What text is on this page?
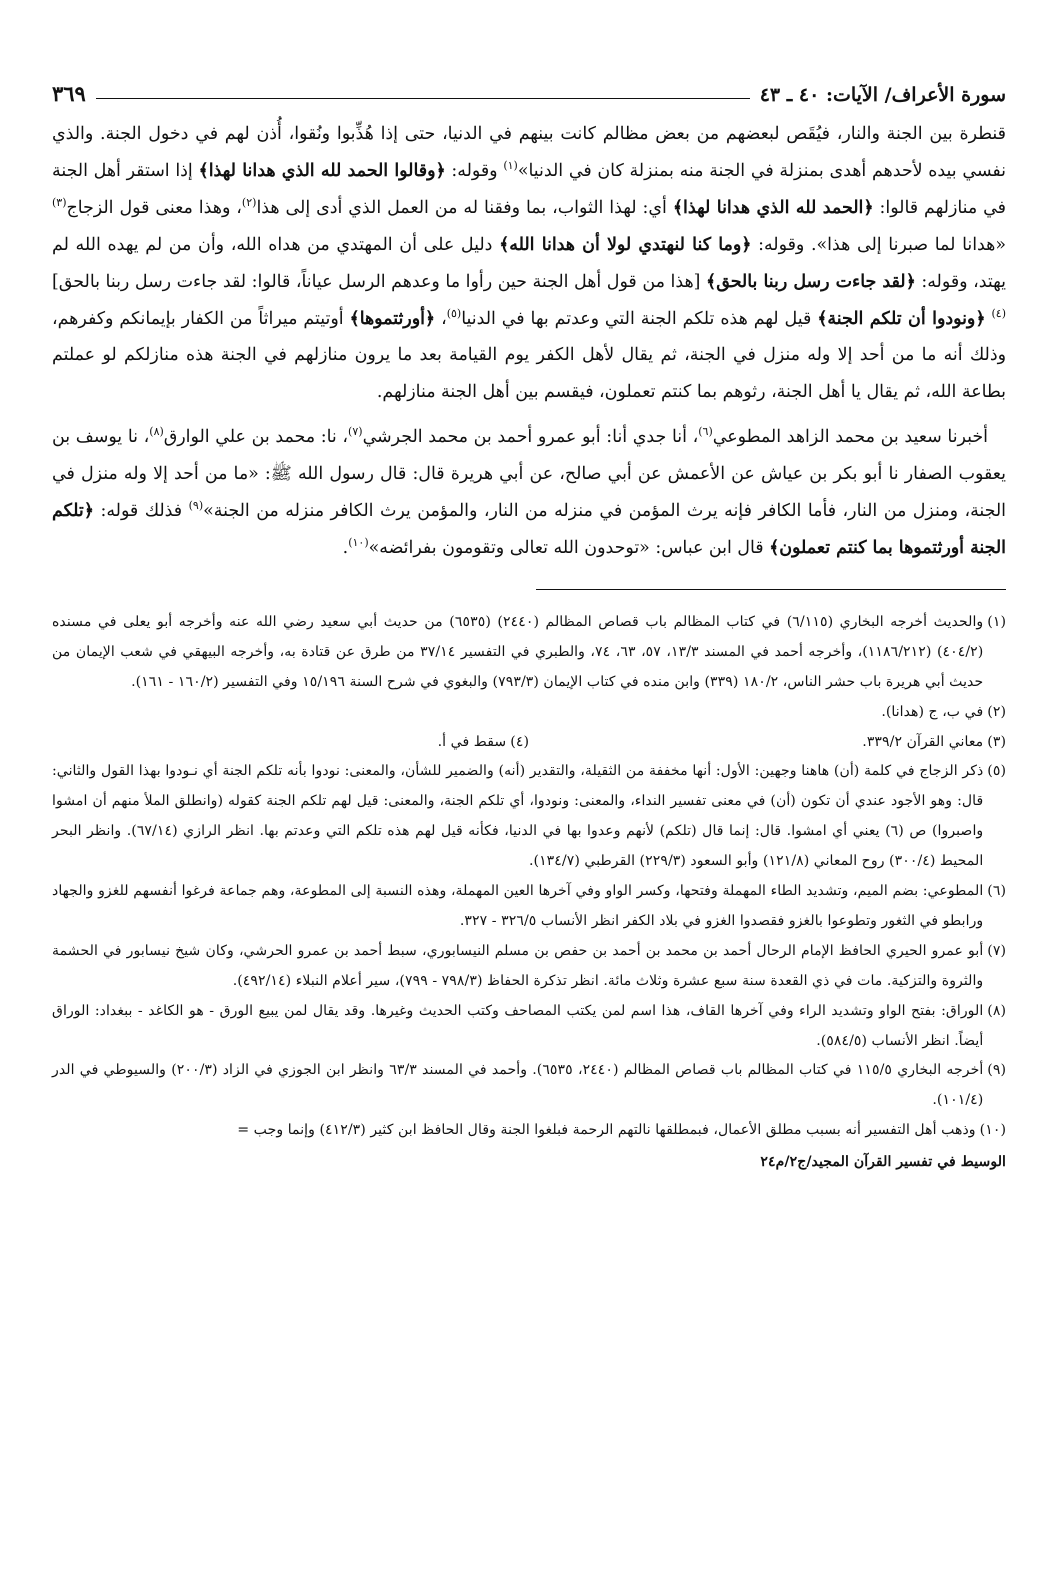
سورة الأعراف/ الآيات: ٤٠ ـ ٤٣
٣٦٩

قنطرة بين الجنة والنار، فيُقَص لبعضهم من بعض مظالم كانت بينهم في الدنيا، حتى إذا هُذِّبوا ونُقوا، أُذن لهم في دخول الجنة. والذي نفسي بيده لأحدهم أهدى بمنزلة في الجنة منه بمنزلة كان في الدنيا»$^{(١)}$ وقوله: ﴿وقالوا الحمد لله الذي هدانا لهذا﴾ إذا استقر أهل الجنة في منازلهم قالوا: ﴿الحمد لله الذي هدانا لهذا﴾ أي: لهذا الثواب، بما وفقنا له من العمل الذي أدى إلى هذا$^{(٢)}$، وهذا معنى قول الزجاج$^{(٣)}$ «هدانا لما صبرنا إلى هذا». وقوله: ﴿وما كنا لنهتدي لولا أن هدانا الله﴾ دليل على أن المهتدي من هداه الله، وأن من لم يهده الله لم يهتد، وقوله: ﴿لقد جاءت رسل ربنا بالحق﴾ [هذا من قول أهل الجنة حين رأوا ما وعدهم الرسل عياناً، قالوا: لقد جاءت رسل ربنا بالحق]$^{(٤)}$ ﴿ونودوا أن تلكم الجنة﴾ قيل لهم هذه تلكم الجنة التي وعدتم بها في الدنيا$^{(٥)}$، ﴿أورثتموها﴾ أوتيتم ميراثاً من الكفار بإيمانكم وكفرهم، وذلك أنه ما من أحد إلا وله منزل في الجنة، ثم يقال لأهل الكفر يوم القيامة بعد ما يرون منازلهم في الجنة هذه منازلكم لو عملتم بطاعة الله، ثم يقال يا أهل الجنة، رثوهم بما كنتم تعملون، فيقسم بين أهل الجنة منازلهم.

أخبرنا سعيد بن محمد الزاهد المطوعي$^{(٦)}$، أنا جدي أنا: أبو عمرو أحمد بن محمد الجرشي$^{(٧)}$، نا: محمد بن علي الوارق$^{(٨)}$، نا يوسف بن يعقوب الصفار نا أبو بكر بن عياش عن الأعمش عن أبي صالح، عن أبي هريرة قال: قال رسول الله ﷺ: «ما من أحد إلا وله منزل في الجنة، ومنزل من النار، فأما الكافر فإنه يرث المؤمن في منزله من النار، والمؤمن يرث الكافر منزله من الجنة»$^{(٩)}$ فذلك قوله: ﴿تلكم الجنة أورثتموها بما كنتم تعملون﴾ قال ابن عباس: «توحدون الله تعالى وتقومون بفرائضه»$^{(١٠)}$.

(١)
والحديث أخرجه البخاري (٦/١١٥) في كتاب المظالم باب قصاص المظالم (٢٤٤٠) (٦٥٣٥) من حديث أبي سعيد رضي الله عنه وأخرجه أبو يعلى في مسنده (٤٠٤/٢) (١١٨٦/٢١٢)، وأخرجه أحمد في المسند ١٣/٣، ٥٧، ٦٣، ٧٤، والطبري في التفسير ٣٧/١٤ من طرق عن قتادة به، وأخرجه البيهقي في شعب الإيمان من حديث أبي هريرة باب حشر الناس، ١٨٠/٢ (٣٣٩) وابن منده في كتاب الإيمان (٧٩٣/٣) والبغوي في شرح السنة ١٥/١٩٦ وفي التفسير (١٦٠/٢ - ١٦١).
(٢)
في ب، ج (هدانا).
(٣)
معاني القرآن ٣٣٩/٢.
(٤)
سقط في أ.
(٥)
ذكر الزجاج في كلمة (أن) هاهنا وجهين: الأول: أنها مخففة من الثقيلة، والتقدير (أنه) والضمير للشأن، والمعنى: نودوا بأنه تلكم الجنة أي نـودوا بهذا القول والثاني: قال: وهو الأجود عندي أن تكون (أن) في معنى تفسير النداء، والمعنى: ونودوا، أي تلكم الجنة، والمعنى: قيل لهم تلكم الجنة كقوله (وانطلق الملأ منهم أن امشوا واصبروا) ص (٦) يعني أي امشوا. قال: إنما قال (تلكم) لأنهم وعدوا بها في الدنيا، فكأنه قيل لهم هذه تلكم التي وعدتم بها. انظر الرازي (٦٧/١٤). وانظر البحر المحيط (٣٠٠/٤) روح المعاني (١٢١/٨) وأبو السعود (٢٢٩/٣) القرطبي (١٣٤/٧).
(٦)
المطوعي: بضم الميم، وتشديد الطاء المهملة وفتحها، وكسر الواو وفي آخرها العين المهملة، وهذه النسبة إلى المطوعة، وهم جماعة فرغوا أنفسهم للغزو والجهاد ورابطو في الثغور وتطوعوا بالغزو فقصدوا الغزو في بلاد الكفر انظر الأنساب ٣٢٦/٥ - ٣٢٧.
(٧)
أبو عمرو الحيري الحافظ الإمام الرحال أحمد بن محمد بن أحمد بن حفص بن مسلم النيسابوري، سبط أحمد بن عمرو الحرشي، وكان شيخ نيسابور في الحشمة والثروة والتزكية. مات في ذي القعدة سنة سبع عشرة وثلاث مائة. انظر تذكرة الحفاظ (٧٩٨/٣ - ٧٩٩)، سير أعلام النبلاء (٤٩٢/١٤).
(٨)
الوراق: بفتح الواو وتشديد الراء وفي آخرها القاف، هذا اسم لمن يكتب المصاحف وكتب الحديث وغيرها. وقد يقال لمن يبيع الورق - هو الكاغد - ببغداد: الوراق أيضاً. انظر الأنساب (٥٨٤/٥).
(٩)
أخرجه البخاري ١١٥/٥ في كتاب المظالم باب قصاص المظالم (٢٤٤٠، ٦٥٣٥). وأحمد في المسند ٦٣/٣ وانظر ابن الجوزي في الزاد (٢٠٠/٣) والسيوطي في الدر (١٠١/٤).
(١٠)
وذهب أهل التفسير أنه بسبب مطلق الأعمال، فبمطلقها نالتهم الرحمة فبلغوا الجنة وقال الحافظ ابن كثير (٤١٢/٣) وإنما وجب =
الوسيط في تفسير القرآن المجيد/ج٢/م٢٤
